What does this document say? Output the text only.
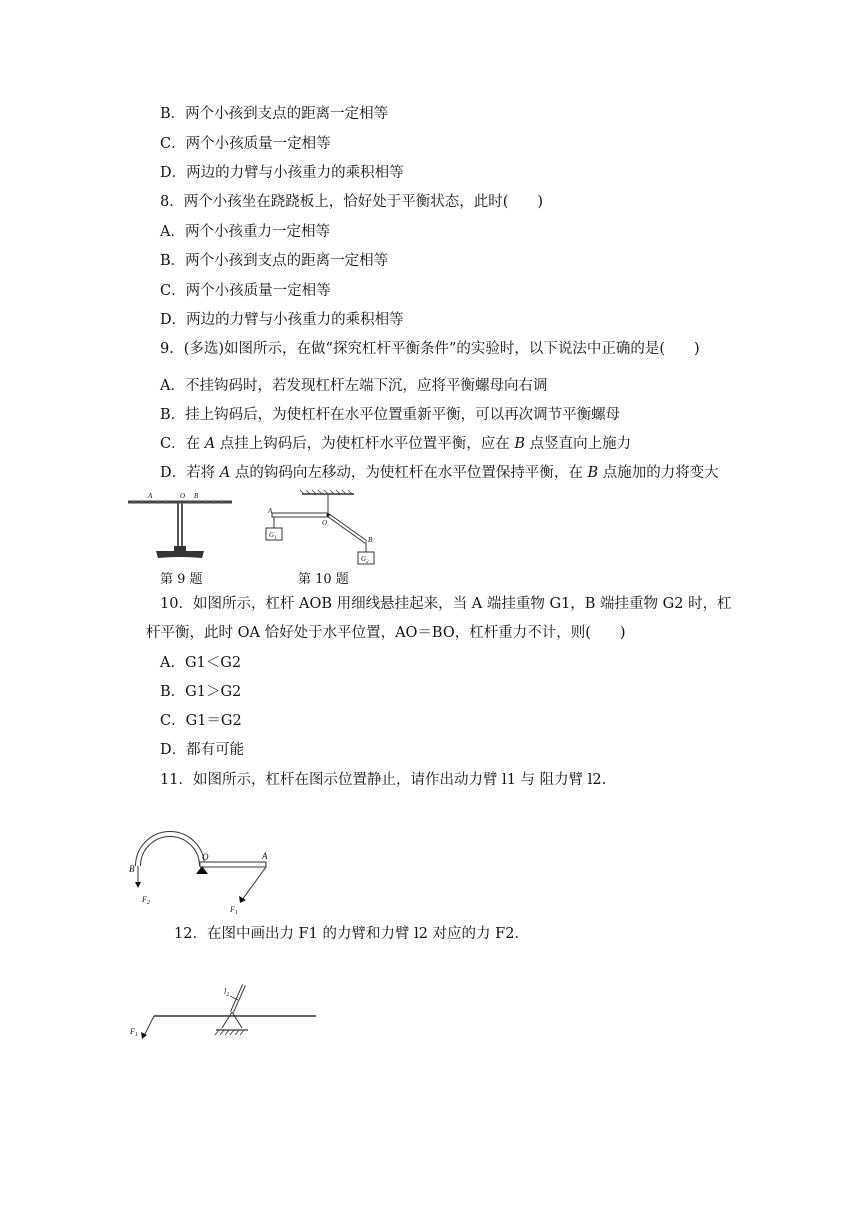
B．两个小孩到支点的距离一定相等
C．两个小孩质量一定相等
D．两边的力臂与小孩重力的乘积相等
8．两个小孩坐在跷跷板上，恰好处于平衡状态，此时(　　)
A．两个小孩重力一定相等
B．两个小孩到支点的距离一定相等
C．两个小孩质量一定相等
D．两边的力臂与小孩重力的乘积相等
9．(多选)如图所示，在做“探究杠杆平衡条件”的实验时，以下说法中正确的是(　　)
A．不挂钩码时，若发现杠杆左端下沉，应将平衡螺母向右调
B．挂上钩码后，为使杠杆在水平位置重新平衡，可以再次调节平衡螺母
C．在 A 点挂上钩码后，为使杠杆水平位置平衡，应在 B 点竖直向上施力
D．若将 A 点的钩码向左移动，为使杠杆在水平位置保持平衡，在 B 点施加的力将变大
A	O B
第 9 题
A
O
B
$G_1$
$G_2$
第 10 题
10．如图所示，杠杆 AOB 用细线悬挂起来，当 A 端挂重物 G1，B 端挂重物 G2 时，杠
杆平衡，此时 OA 恰好处于水平位置，AO＝BO，杠杆重力不计，则(　　)
A．G1＜G2
B．G1＞G2
C．G1＝G2
D．都有可能
11．如图所示，杠杆在图示位置静止，请作出动力臂 l1 与 阻力臂 l2.
O	A
B
$F_2$
$F_1$
12．在图中画出力 F1 的力臂和力臂 l2 对应的力 F2.
$F_1$
$l_2$
